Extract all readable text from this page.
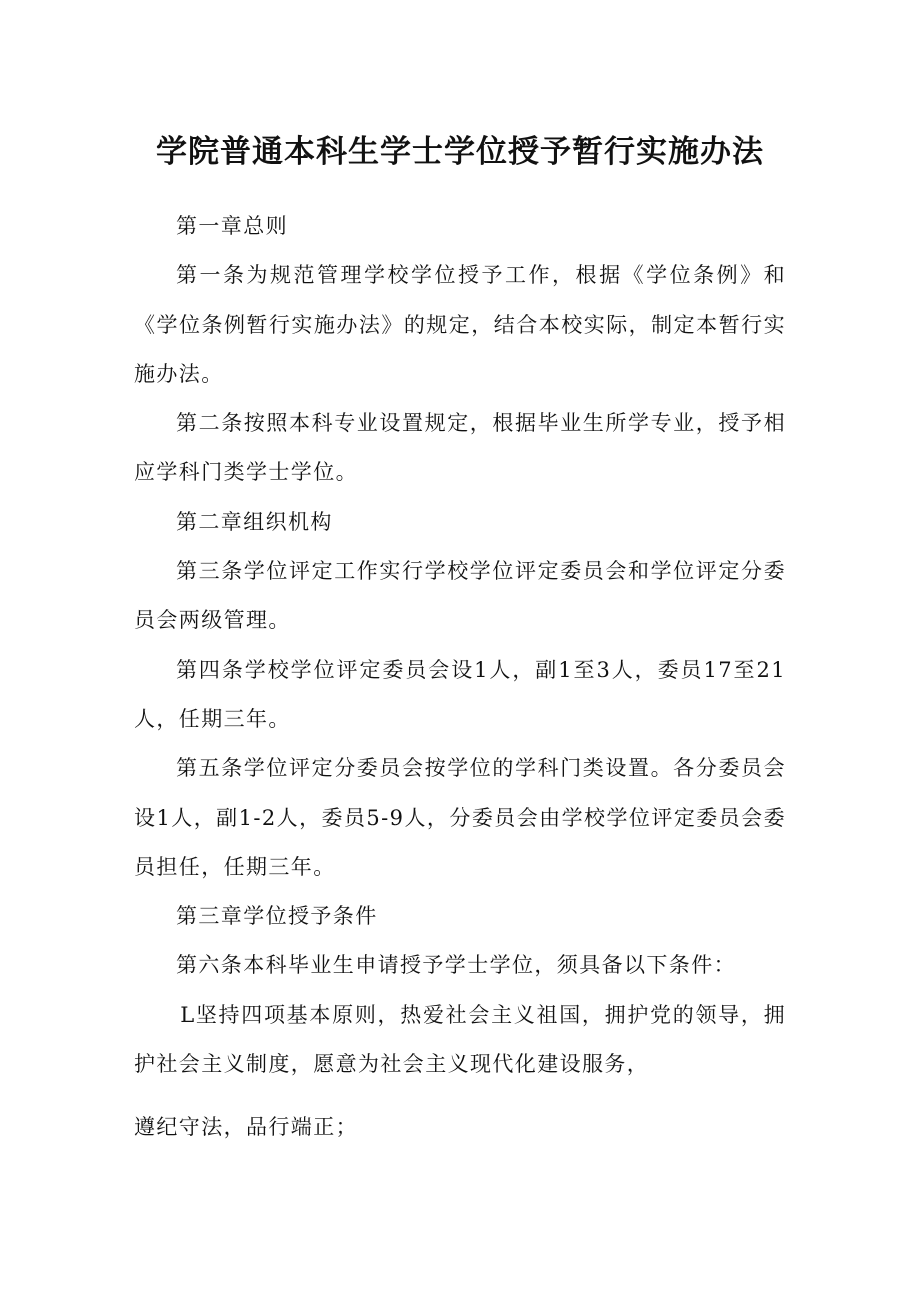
学院普通本科生学士学位授予暂行实施办法

第一章总则

第一条为规范管理学校学位授予工作，根据《学位条例》和《学位条例暂行实施办法》的规定，结合本校实际，制定本暂行实施办法。

第二条按照本科专业设置规定，根据毕业生所学专业，授予相应学科门类学士学位。

第二章组织机构

第三条学位评定工作实行学校学位评定委员会和学位评定分委员会两级管理。

第四条学校学位评定委员会设1人，副1至3人，委员17至21人，任期三年。

第五条学位评定分委员会按学位的学科门类设置。各分委员会设1人，副1-2人，委员5-9人，分委员会由学校学位评定委员会委员担任，任期三年。

第三章学位授予条件

第六条本科毕业生申请授予学士学位，须具备以下条件：

L坚持四项基本原则，热爱社会主义祖国，拥护党的领导，拥护社会主义制度，愿意为社会主义现代化建设服务，

遵纪守法，品行端正；
